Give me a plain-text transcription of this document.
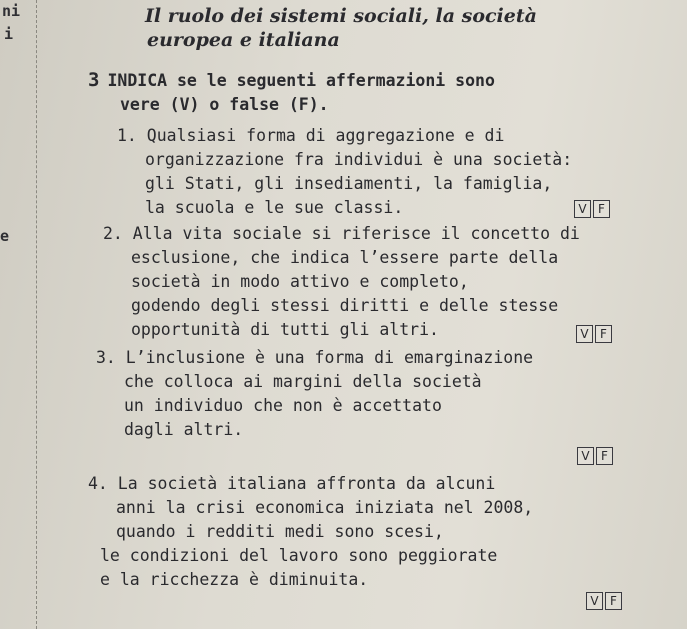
ni
i
e
Il ruolo dei sistemi sociali, la società
europea e italiana
3 INDICA se le seguenti affermazioni sono
vere (V) o false (F).
1. Qualsiasi forma di aggregazione e di
organizzazione fra individui è una società:
gli Stati, gli insediamenti, la famiglia,
la scuola e le sue classi.	V F
2. Alla vita sociale si riferisce il concetto di
esclusione, che indica l’essere parte della
società in modo attivo e completo,
godendo degli stessi diritti e delle stesse
opportunità di tutti gli altri.	V F
3. L’inclusione è una forma di emarginazione
che colloca ai margini della società
un individuo che non è accettato
dagli altri.
V F
4. La società italiana affronta da alcuni
anni la crisi economica iniziata nel 2008,
quando i redditi medi sono scesi,
le condizioni del lavoro sono peggiorate
e la ricchezza è diminuita.
V F
